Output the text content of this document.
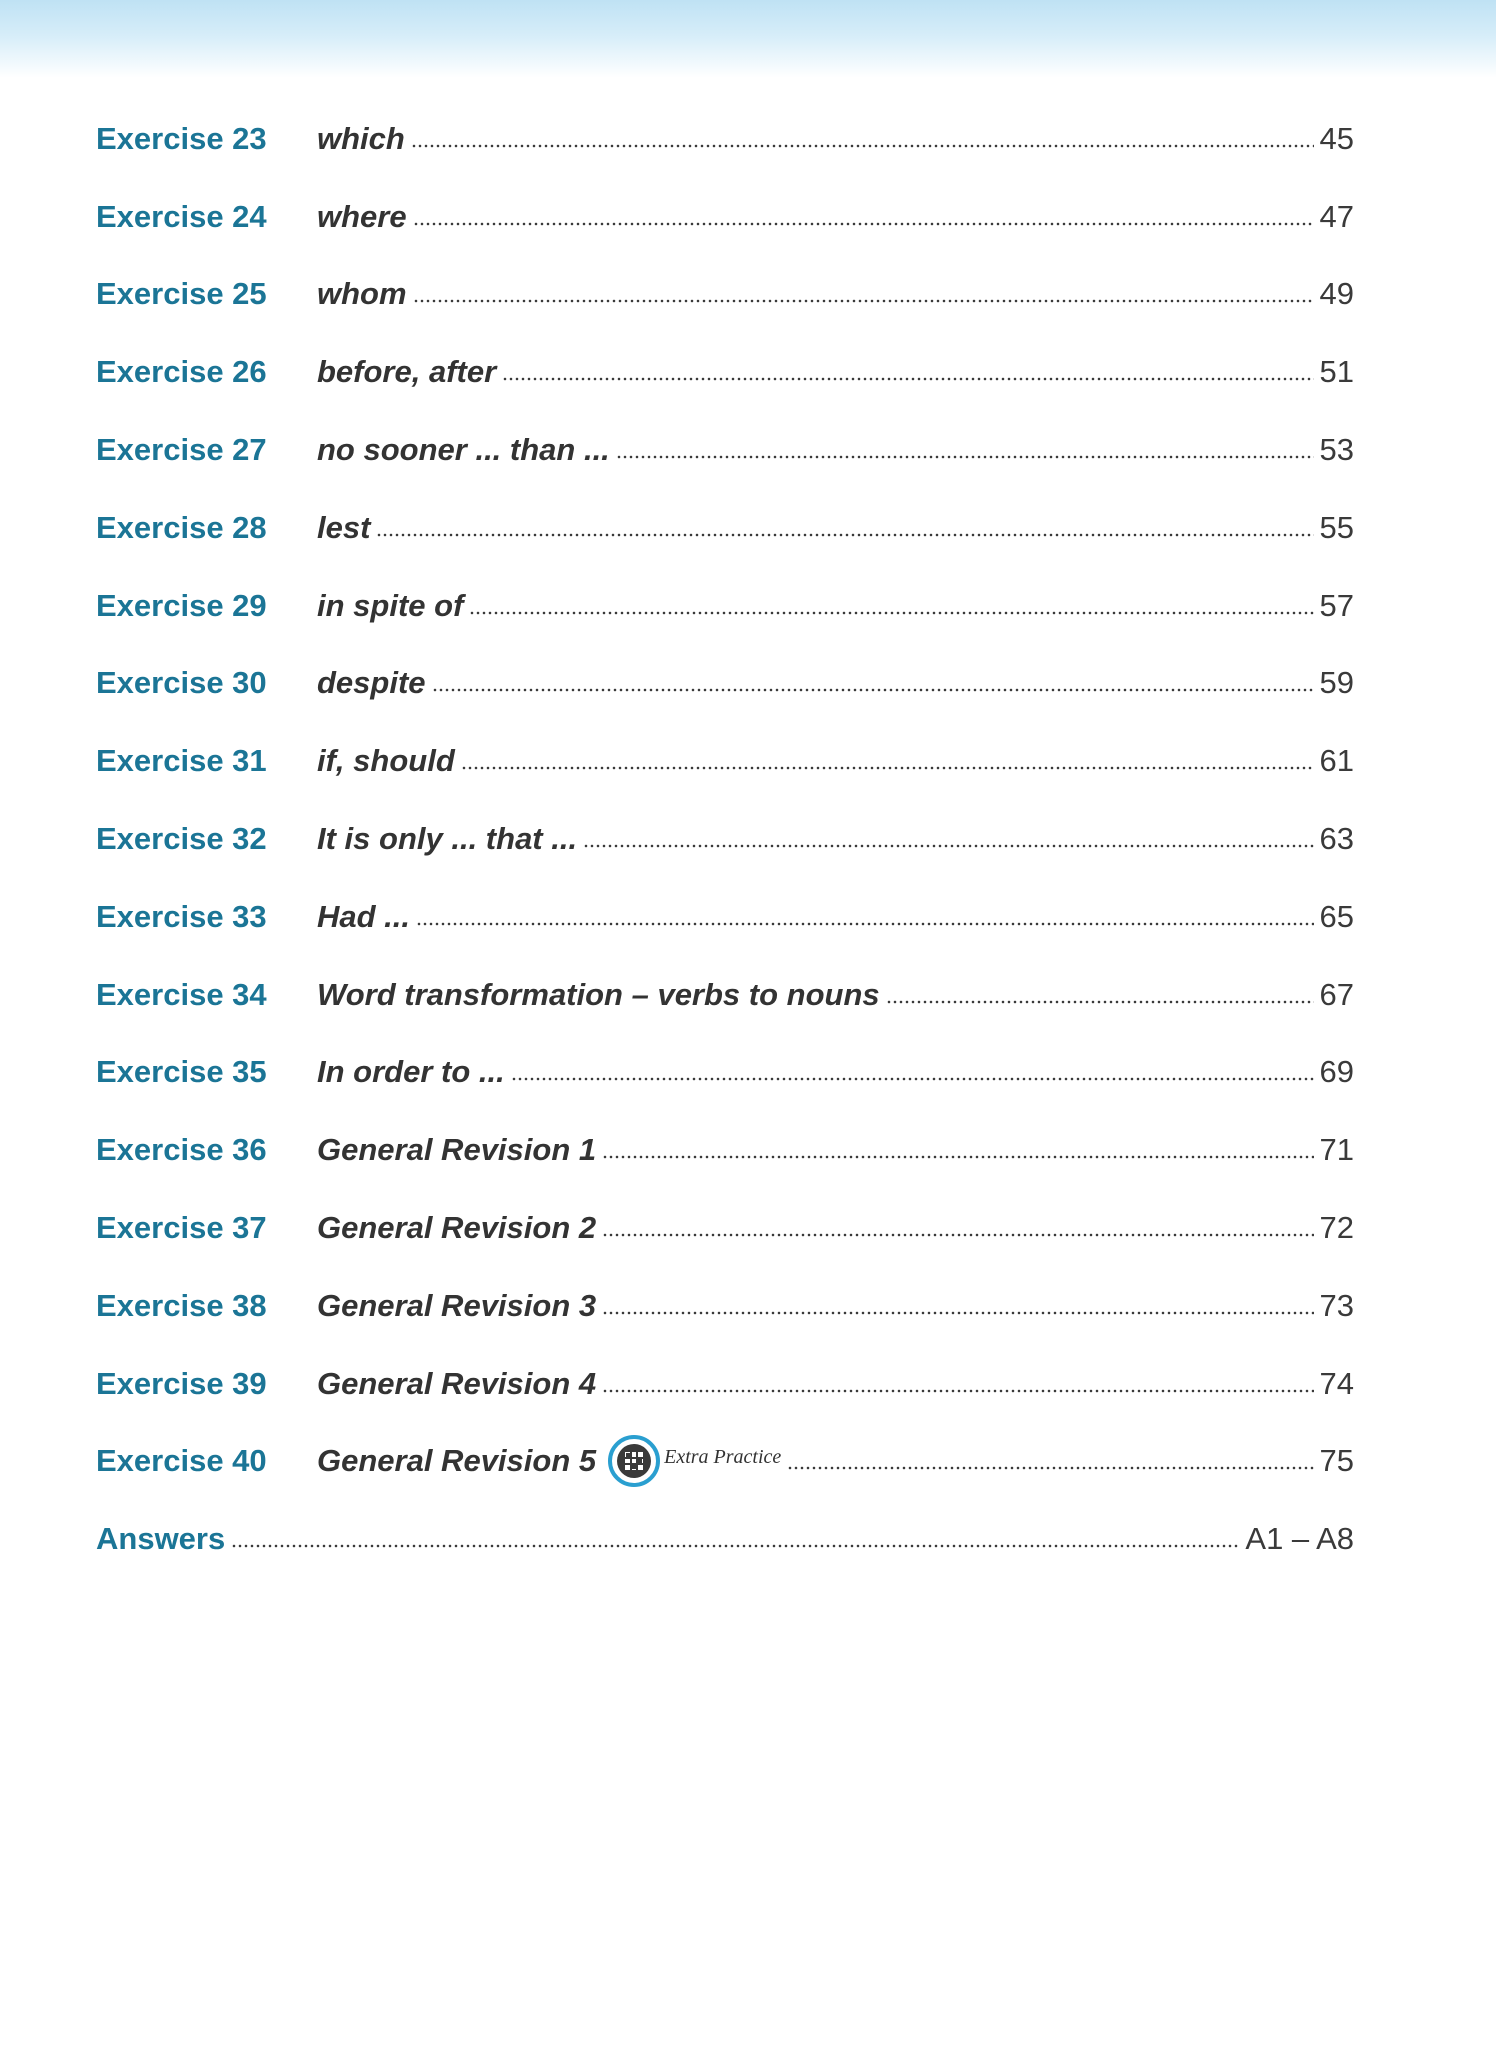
Exercise 23	which	45
Exercise 24	where	47
Exercise 25	whom	49
Exercise 26	before, after	51
Exercise 27	no sooner ... than ...	53
Exercise 28	lest	55
Exercise 29	in spite of	57
Exercise 30	despite	59
Exercise 31	if, should	61
Exercise 32	It is only ... that ...	63
Exercise 33	Had ...	65
Exercise 34	Word transformation – verbs to nouns	67
Exercise 35	In order to ...	69
Exercise 36	General Revision 1	71
Exercise 37	General Revision 2	72
Exercise 38	General Revision 3	73
Exercise 39	General Revision 4	74
Exercise 40	General Revision 5	Extra Practice	75
Answers	A1 – A8
